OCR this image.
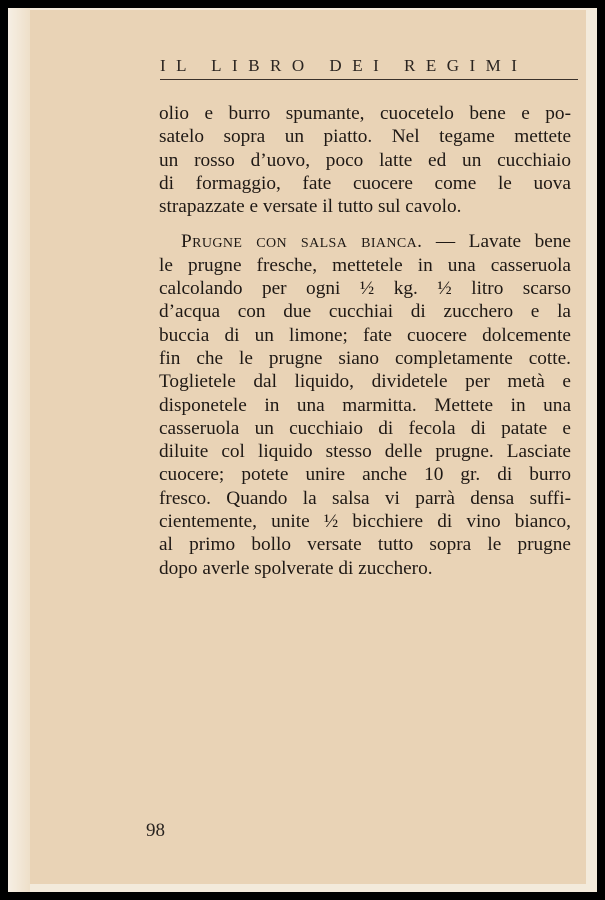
IL LIBRO DEI REGIMI
olio e burro spumante, cuocetelo bene e po-
satelo sopra un piatto. Nel tegame mettete
un rosso d’uovo, poco latte ed un cucchiaio
di formaggio, fate cuocere come le uova
strapazzate e versate il tutto sul cavolo.
Prugne con salsa bianca. — Lavate bene
le prugne fresche, mettetele in una casseruola
calcolando per ogni ½ kg. ½ litro scarso
d’acqua con due cucchiai di zucchero e la
buccia di un limone; fate cuocere dolcemente
fin che le prugne siano completamente cotte.
Toglietele dal liquido, dividetele per metà e
disponetele in una marmitta. Mettete in una
casseruola un cucchiaio di fecola di patate e
diluite col liquido stesso delle prugne. Lasciate
cuocere; potete unire anche 10 gr. di burro
fresco. Quando la salsa vi parrà densa suffi-
cientemente, unite ½ bicchiere di vino bianco,
al primo bollo versate tutto sopra le prugne
dopo averle spolverate di zucchero.
98
